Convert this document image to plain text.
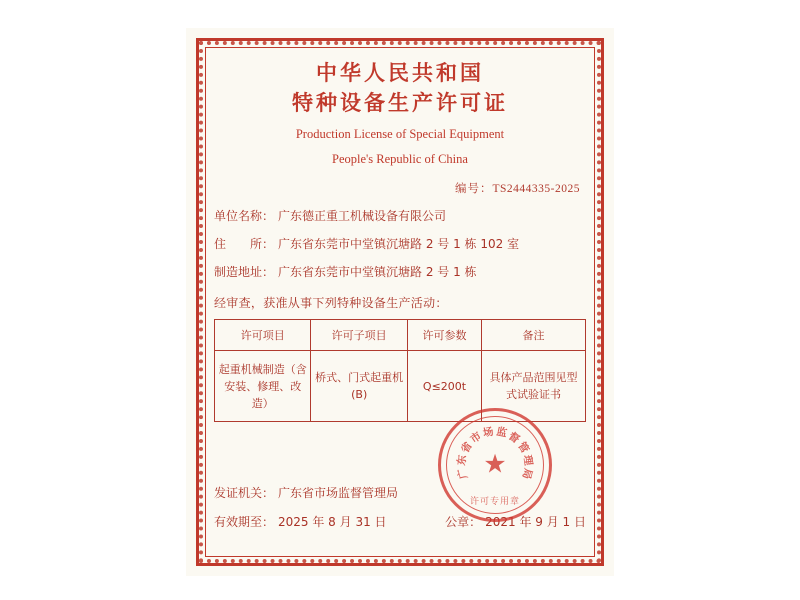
中华人民共和国
特种设备生产许可证
Production License of Special Equipment
People's Republic of China
编号：TS2444335-2025
单位名称： 广东德正重工机械设备有限公司
住　　所： 广东省东莞市中堂镇沉塘路 2 号 1 栋 102 室
制造地址： 广东省东莞市中堂镇沉塘路 2 号 1 栋
经审查，获准从事下列特种设备生产活动：
许可项目	许可子项目	许可参数	备注
起重机械制造（含安装、修理、改造）	桥式、门式起重机(B)	Q≤200t	具体产品范围见型式试验证书
发证机关： 广东省市场监督管理局
有效期至： 2025 年 8 月 31 日	公章： 2021 年 9 月 1 日
★
广
东
省
市
场 监
督
管
理
局
许可专用章
